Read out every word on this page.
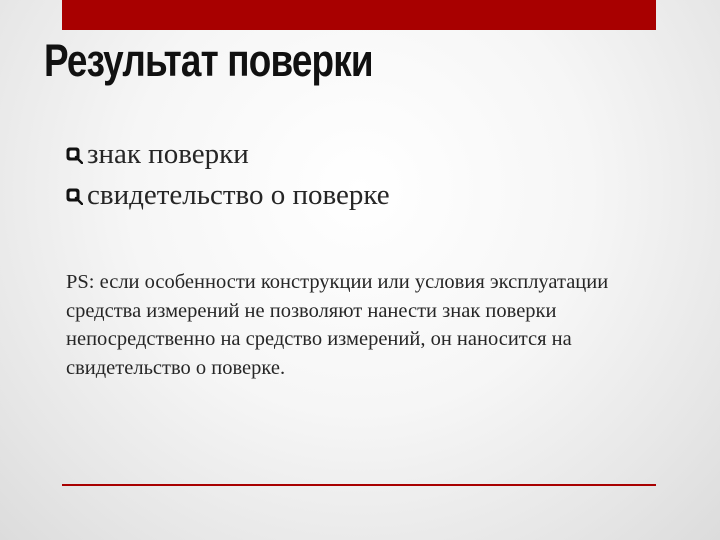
Результат поверки
знак поверки
свидетельство о поверке

PS: если особенности конструкции или условия эксплуатации средства измерений не позволяют нанести знак поверки непосредственно на средство измерений, он наносится на свидетельство о поверке.
